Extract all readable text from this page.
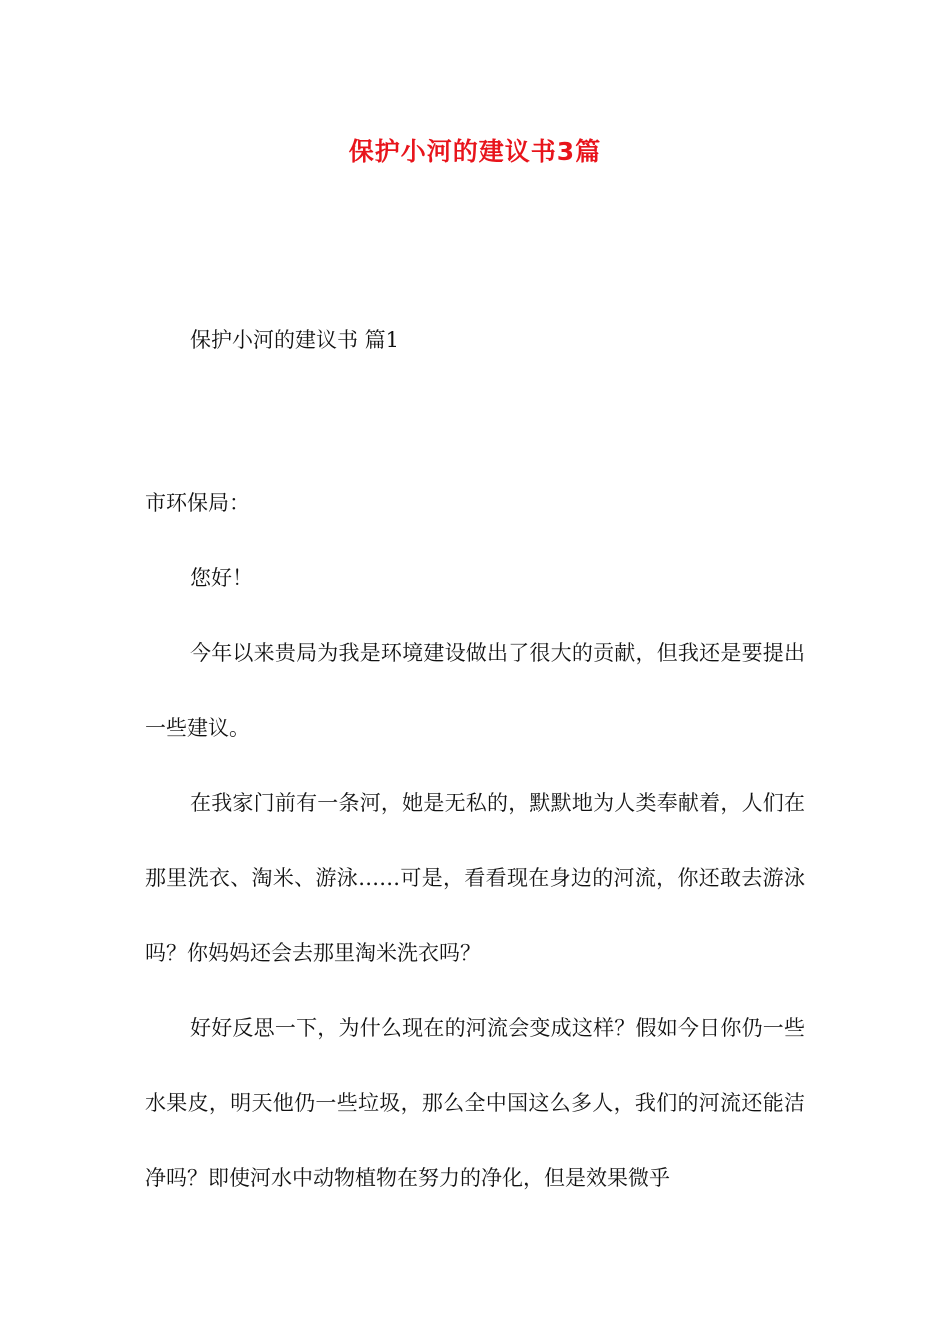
保护小河的建议书3篇

保护小河的建议书 篇1

市环保局：

您好！

今年以来贵局为我是环境建设做出了很大的贡献，但我还是要提出一些建议。

在我家门前有一条河，她是无私的，默默地为人类奉献着，人们在那里洗衣、淘米、游泳……可是，看看现在身边的河流，你还敢去游泳吗？你妈妈还会去那里淘米洗衣吗？

好好反思一下，为什么现在的河流会变成这样？假如今日你仍一些水果皮，明天他仍一些垃圾，那么全中国这么多人，我们的河流还能洁净吗？即使河水中动物植物在努力的净化，但是效果微乎
